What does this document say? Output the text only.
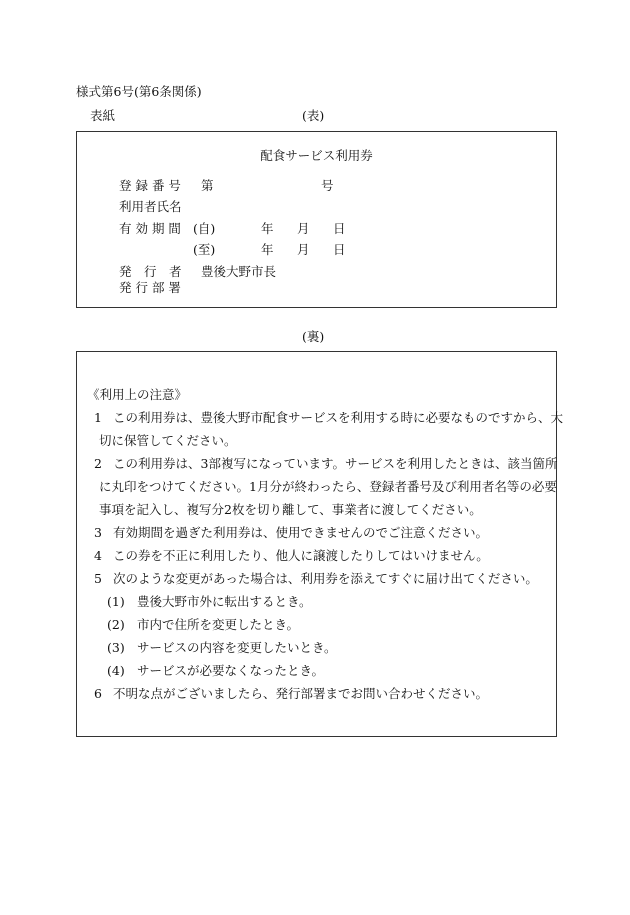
様式第6号(第6条関係)
表紙	(表)
配食サービス利用券
登 録 番 号 第	号
利用者氏名
有 効 期 間 (自)	年 月 日
(至)	年 月 日
発　行　者 豊後大野市長
発 行 部 署
(裏)
《利用上の注意》
1 この利用券は、豊後大野市配食サービスを利用する時に必要なものですから、大
切に保管してください。
2 この利用券は、3部複写になっています。サービスを利用したときは、該当箇所
に丸印をつけてください。1月分が終わったら、登録者番号及び利用者名等の必要
事項を記入し、複写分2枚を切り離して、事業者に渡してください。
3 有効期間を過ぎた利用券は、使用できませんのでご注意ください。
4 この券を不正に利用したり、他人に譲渡したりしてはいけません。
5 次のような変更があった場合は、利用券を添えてすぐに届け出てください。
(1) 豊後大野市外に転出するとき。
(2) 市内で住所を変更したとき。
(3) サービスの内容を変更したいとき。
(4) サービスが必要なくなったとき。
6 不明な点がございましたら、発行部署までお問い合わせください。
